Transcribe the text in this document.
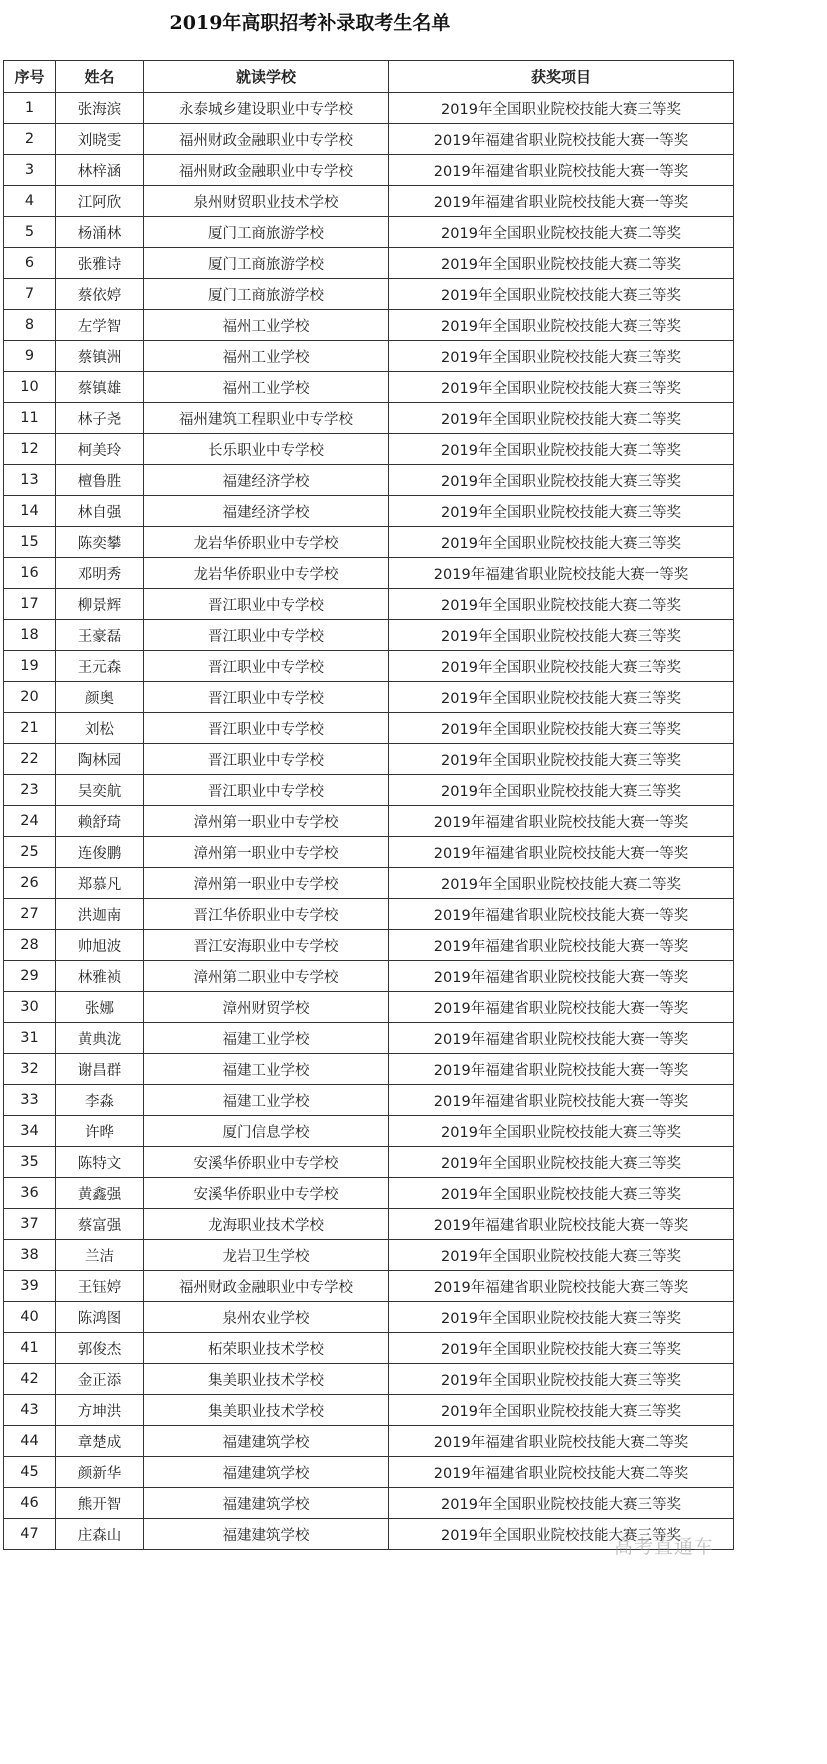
2019年高职招考补录取考生名单
序号	姓名	就读学校	获奖项目
1	张海滨	永泰城乡建设职业中专学校	2019年全国职业院校技能大赛三等奖
2	刘晓雯	福州财政金融职业中专学校	2019年福建省职业院校技能大赛一等奖
3	林梓涵	福州财政金融职业中专学校	2019年福建省职业院校技能大赛一等奖
4	江阿欣	泉州财贸职业技术学校	2019年福建省职业院校技能大赛一等奖
5	杨涌林	厦门工商旅游学校	2019年全国职业院校技能大赛二等奖
6	张雅诗	厦门工商旅游学校	2019年全国职业院校技能大赛二等奖
7	蔡依婷	厦门工商旅游学校	2019年全国职业院校技能大赛三等奖
8	左学智	福州工业学校	2019年全国职业院校技能大赛三等奖
9	蔡镇洲	福州工业学校	2019年全国职业院校技能大赛三等奖
10	蔡镇雄	福州工业学校	2019年全国职业院校技能大赛三等奖
11	林子尧	福州建筑工程职业中专学校	2019年全国职业院校技能大赛二等奖
12	柯美玲	长乐职业中专学校	2019年全国职业院校技能大赛二等奖
13	檀鲁胜	福建经济学校	2019年全国职业院校技能大赛三等奖
14	林自强	福建经济学校	2019年全国职业院校技能大赛三等奖
15	陈奕攀	龙岩华侨职业中专学校	2019年全国职业院校技能大赛三等奖
16	邓明秀	龙岩华侨职业中专学校	2019年福建省职业院校技能大赛一等奖
17	柳景辉	晋江职业中专学校	2019年全国职业院校技能大赛二等奖
18	王豪磊	晋江职业中专学校	2019年全国职业院校技能大赛三等奖
19	王元森	晋江职业中专学校	2019年全国职业院校技能大赛三等奖
20	颜奥	晋江职业中专学校	2019年全国职业院校技能大赛三等奖
21	刘松	晋江职业中专学校	2019年全国职业院校技能大赛三等奖
22	陶林园	晋江职业中专学校	2019年全国职业院校技能大赛三等奖
23	吴奕航	晋江职业中专学校	2019年全国职业院校技能大赛三等奖
24	赖舒琦	漳州第一职业中专学校	2019年福建省职业院校技能大赛一等奖
25	连俊鹏	漳州第一职业中专学校	2019年福建省职业院校技能大赛一等奖
26	郑慕凡	漳州第一职业中专学校	2019年全国职业院校技能大赛二等奖
27	洪迦南	晋江华侨职业中专学校	2019年福建省职业院校技能大赛一等奖
28	帅旭波	晋江安海职业中专学校	2019年福建省职业院校技能大赛一等奖
29	林雅祯	漳州第二职业中专学校	2019年福建省职业院校技能大赛一等奖
30	张娜	漳州财贸学校	2019年福建省职业院校技能大赛一等奖
31	黄典泷	福建工业学校	2019年福建省职业院校技能大赛一等奖
32	谢昌群	福建工业学校	2019年福建省职业院校技能大赛一等奖
33	李淼	福建工业学校	2019年福建省职业院校技能大赛一等奖
34	许晔	厦门信息学校	2019年全国职业院校技能大赛三等奖
35	陈特文	安溪华侨职业中专学校	2019年全国职业院校技能大赛三等奖
36	黄鑫强	安溪华侨职业中专学校	2019年全国职业院校技能大赛三等奖
37	蔡富强	龙海职业技术学校	2019年福建省职业院校技能大赛一等奖
38	兰洁	龙岩卫生学校	2019年全国职业院校技能大赛三等奖
39	王钰婷	福州财政金融职业中专学校	2019年福建省职业院校技能大赛三等奖
40	陈鸿图	泉州农业学校	2019年全国职业院校技能大赛三等奖
41	郭俊杰	柘荣职业技术学校	2019年全国职业院校技能大赛三等奖
42	金正添	集美职业技术学校	2019年全国职业院校技能大赛三等奖
43	方坤洪	集美职业技术学校	2019年全国职业院校技能大赛三等奖
44	章楚成	福建建筑学校	2019年福建省职业院校技能大赛二等奖
45	颜新华	福建建筑学校	2019年福建省职业院校技能大赛二等奖
46	熊开智	福建建筑学校	2019年全国职业院校技能大赛三等奖
47	庄森山	福建建筑学校	2019年全国职业院校技能大赛三等奖
高考直通车
